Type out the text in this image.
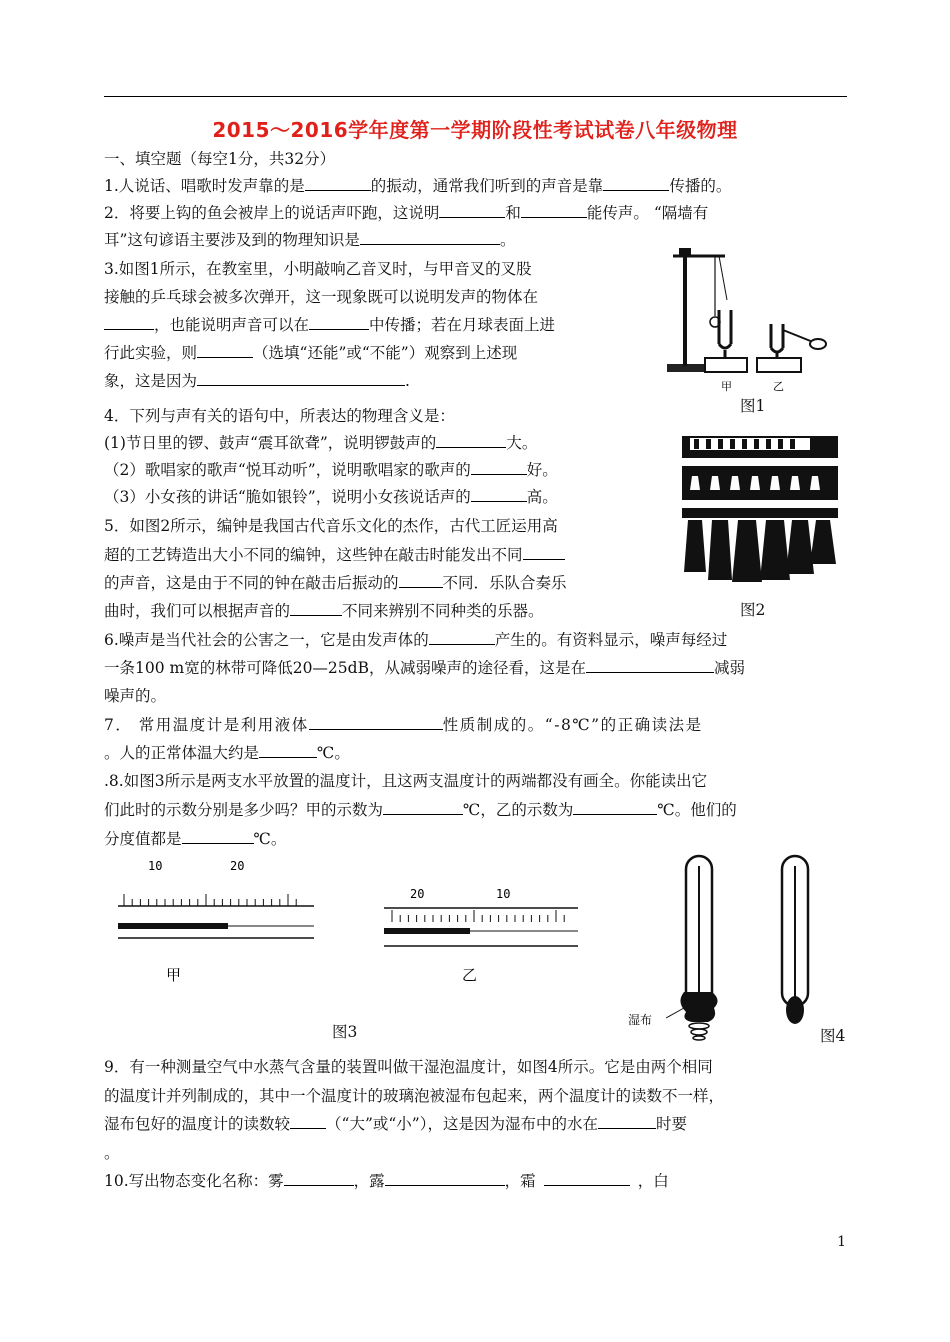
2015～2016学年度第一学期阶段性考试试卷八年级物理
一、填空题（每空1分，共32分）
1.人说话、唱歌时发声靠的是	的振动，通常我们听到的声音是靠	传播的。
2．将要上钩的鱼会被岸上的说话声吓跑，这说明	和	能传声。 “隔墙有
耳”这句谚语主要涉及到的物理知识是	。
3.如图1所示，在教室里，小明敲响乙音叉时，与甲音叉的叉股
接触的乒乓球会被多次弹开，这一现象既可以说明发声的物体在
，也能说明声音可以在	中传播；若在月球表面上进
行此实验，则	（选填“还能”或“不能”）观察到上述现
象，这是因为	.	甲	乙
图1
4．下列与声有关的语句中，所表达的物理含义是：
(1)节日里的锣、鼓声“震耳欲聋”，说明锣鼓声的	大。
（2）歌唱家的歌声“悦耳动听”，说明歌唱家的歌声的	好。
（3）小女孩的讲话“脆如银铃”，说明小女孩说话声的	高。
图2
5．如图2所示，编钟是我国古代音乐文化的杰作，古代工匠运用高
超的工艺铸造出大小不同的编钟，这些钟在敲击时能发出不同
的声音，这是由于不同的钟在敲击后振动的	不同．乐队合奏乐
曲时，我们可以根据声音的	不同来辨别不同种类的乐器。
6.噪声是当代社会的公害之一，它是由发声体的	产生的。有资料显示，噪声每经过
一条100 m宽的林带可降低20—25dB，从减弱噪声的途径看，这是在	减弱
噪声的。
7． 常用温度计是利用液体	性质制成的。“-8℃”的正确读法是
。人的正常体温大约是	℃。
.8.如图3所示是两支水平放置的温度计，且这两支温度计的两端都没有画全。你能读出它
们此时的示数分别是多少吗？甲的示数为	℃，乙的示数为	℃。他们的
分度值都是	℃。
10	20
甲
20	10
乙
图3
湿布
图4
9．有一种测量空气中水蒸气含量的装置叫做干湿泡温度计，如图4所示。它是由两个相同
的温度计并列制成的，其中一个温度计的玻璃泡被湿布包起来，两个温度计的读数不一样，
湿布包好的温度计的读数较 （“大”或“小”），这是因为湿布中的水在	时要
。
10.写出物态变化名称：雾	，露	，霜	，白
1
